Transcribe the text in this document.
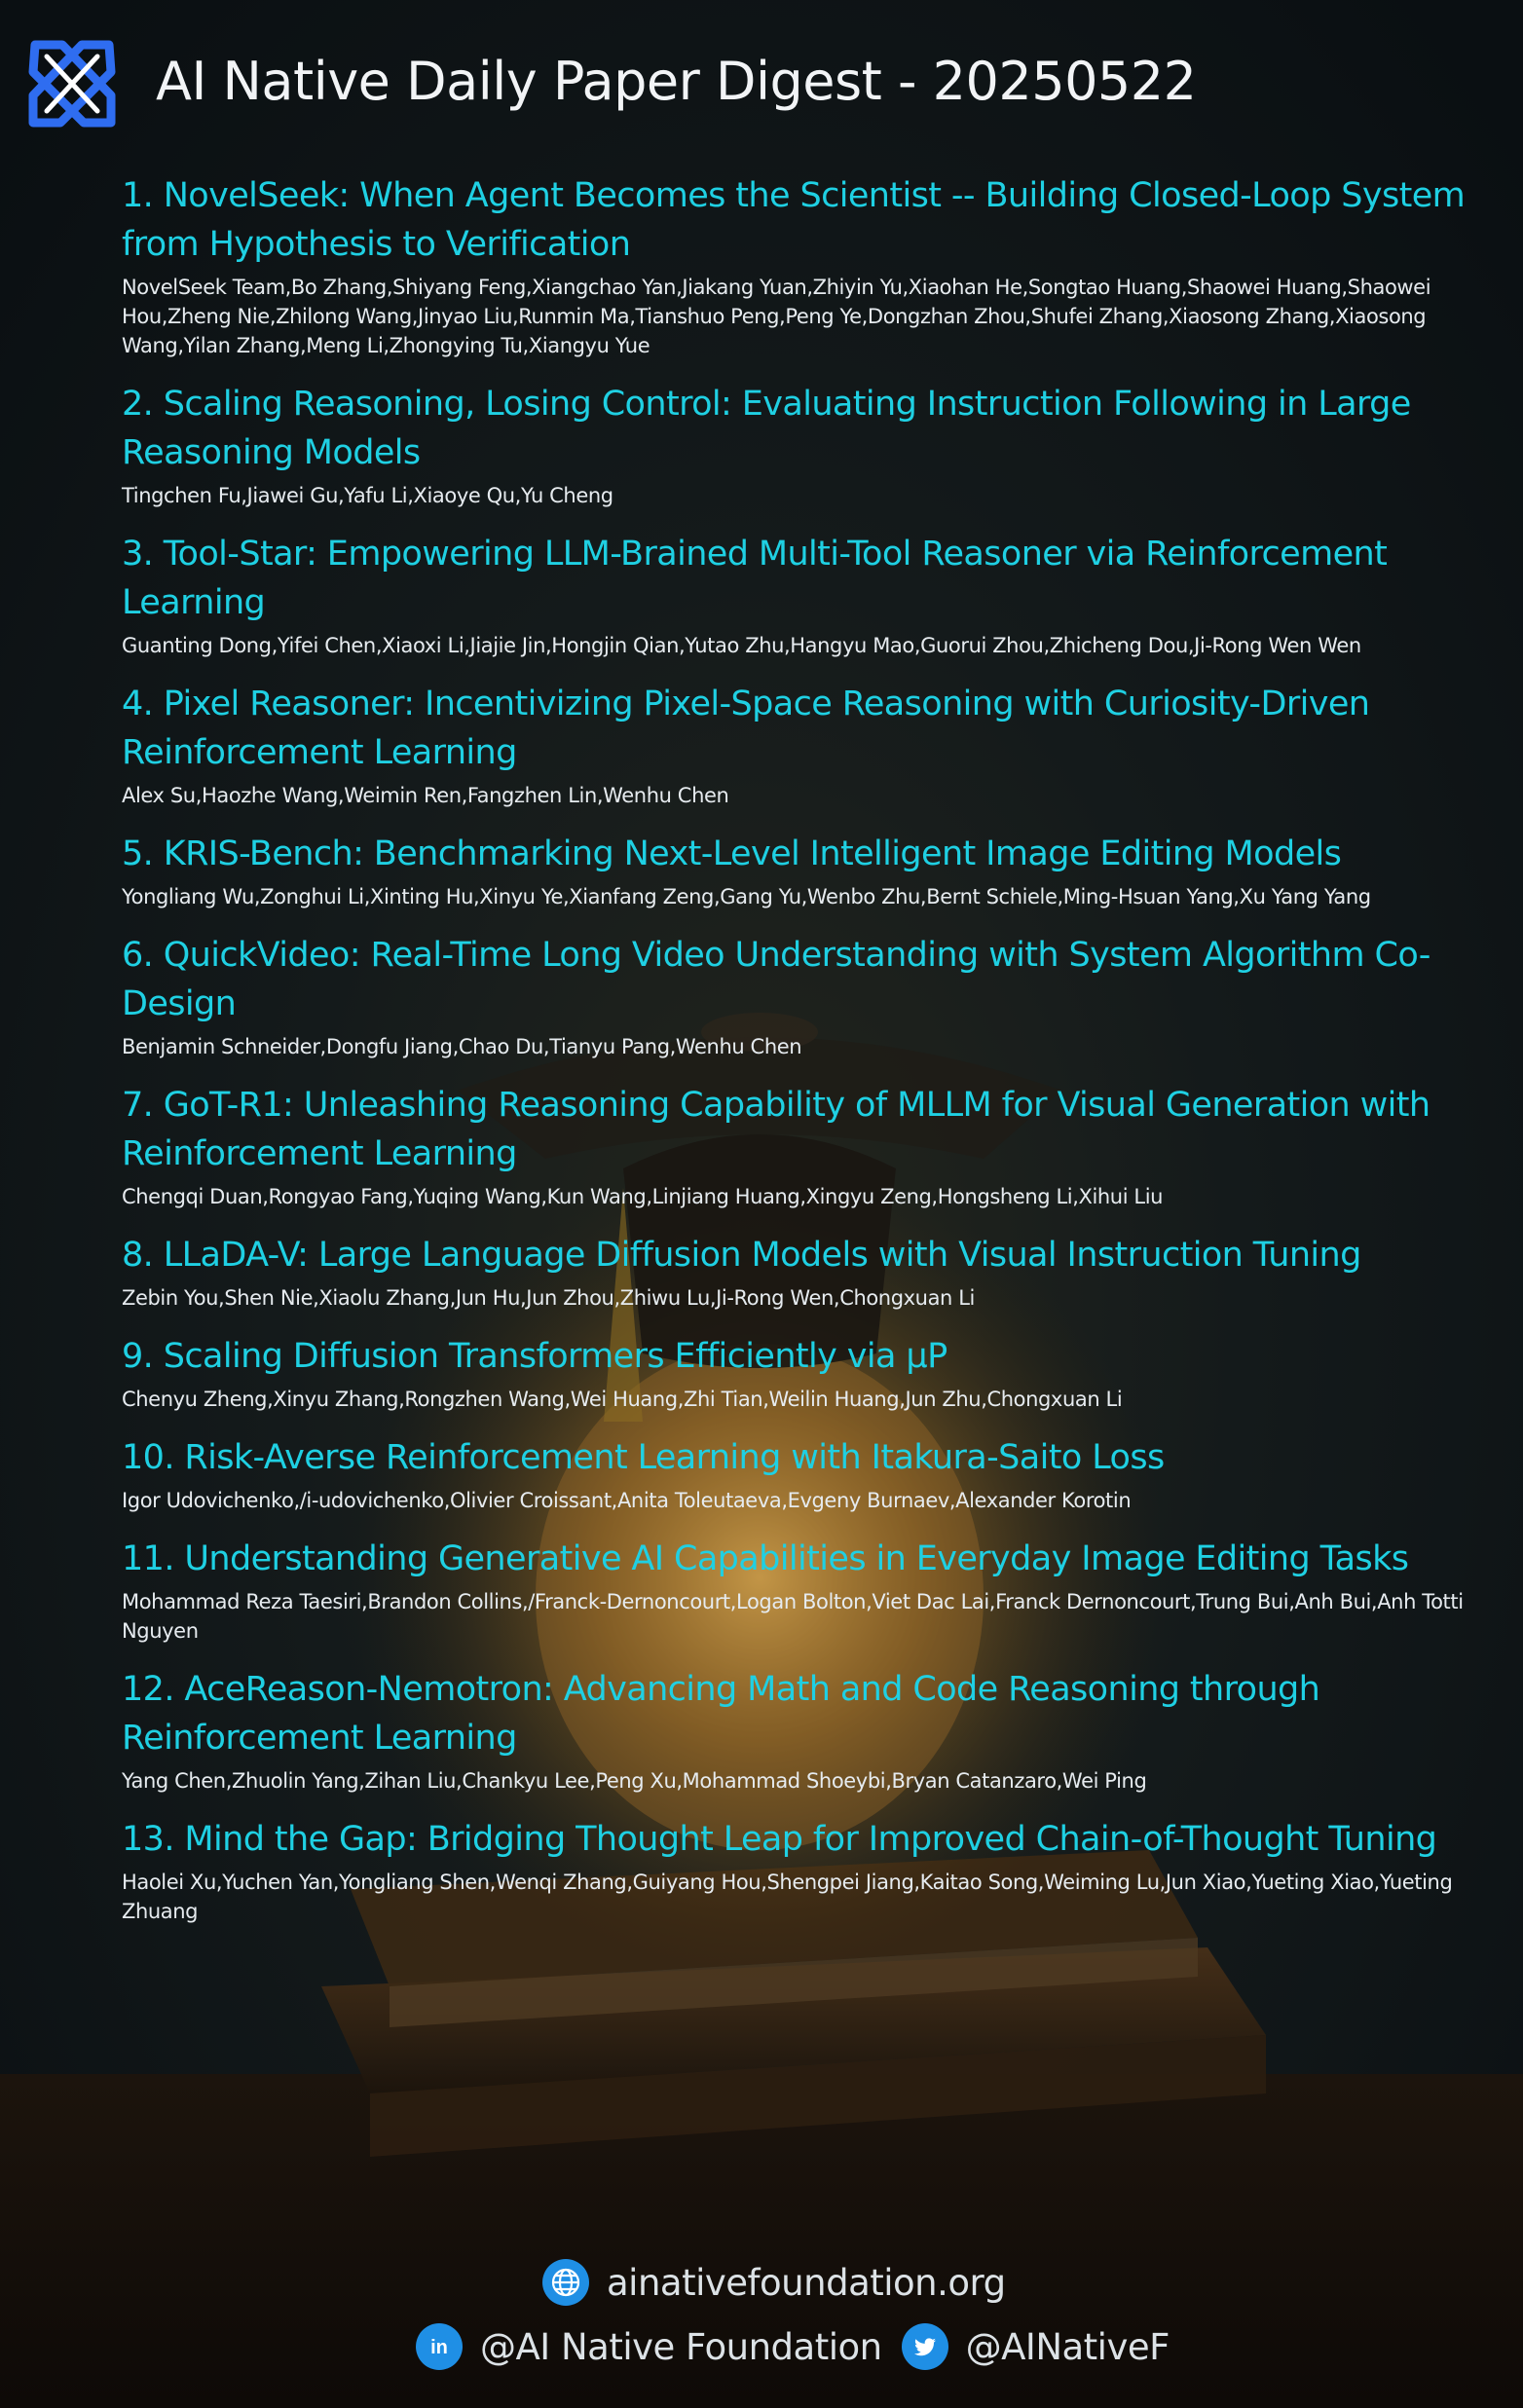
AI Native Daily Paper Digest - 20250522
1. NovelSeek: When Agent Becomes the Scientist -- Building Closed-Loop System from Hypothesis to Verification
NovelSeek Team,Bo Zhang,Shiyang Feng,Xiangchao Yan,Jiakang Yuan,Zhiyin Yu,Xiaohan He,Songtao Huang,Shaowei Huang,Shaowei Hou,Zheng Nie,Zhilong Wang,Jinyao Liu,Runmin Ma,Tianshuo Peng,Peng Ye,Dongzhan Zhou,Shufei Zhang,Xiaosong Zhang,Xiaosong Wang,Yilan Zhang,Meng Li,Zhongying Tu,Xiangyu Yue
2. Scaling Reasoning, Losing Control: Evaluating Instruction Following in Large Reasoning Models
Tingchen Fu,Jiawei Gu,Yafu Li,Xiaoye Qu,Yu Cheng
3. Tool-Star: Empowering LLM-Brained Multi-Tool Reasoner via Reinforcement Learning
Guanting Dong,Yifei Chen,Xiaoxi Li,Jiajie Jin,Hongjin Qian,Yutao Zhu,Hangyu Mao,Guorui Zhou,Zhicheng Dou,Ji-Rong Wen Wen
4. Pixel Reasoner: Incentivizing Pixel-Space Reasoning with Curiosity-Driven Reinforcement Learning
Alex Su,Haozhe Wang,Weimin Ren,Fangzhen Lin,Wenhu Chen
5. KRIS-Bench: Benchmarking Next-Level Intelligent Image Editing Models
Yongliang Wu,Zonghui Li,Xinting Hu,Xinyu Ye,Xianfang Zeng,Gang Yu,Wenbo Zhu,Bernt Schiele,Ming-Hsuan Yang,Xu Yang Yang
6. QuickVideo: Real-Time Long Video Understanding with System Algorithm Co-Design
Benjamin Schneider,Dongfu Jiang,Chao Du,Tianyu Pang,Wenhu Chen
7. GoT-R1: Unleashing Reasoning Capability of MLLM for Visual Generation with Reinforcement Learning
Chengqi Duan,Rongyao Fang,Yuqing Wang,Kun Wang,Linjiang Huang,Xingyu Zeng,Hongsheng Li,Xihui Liu
8. LLaDA-V: Large Language Diffusion Models with Visual Instruction Tuning
Zebin You,Shen Nie,Xiaolu Zhang,Jun Hu,Jun Zhou,Zhiwu Lu,Ji-Rong Wen,Chongxuan Li
9. Scaling Diffusion Transformers Efficiently via μP
Chenyu Zheng,Xinyu Zhang,Rongzhen Wang,Wei Huang,Zhi Tian,Weilin Huang,Jun Zhu,Chongxuan Li
10. Risk-Averse Reinforcement Learning with Itakura-Saito Loss
Igor Udovichenko,/i-udovichenko,Olivier Croissant,Anita Toleutaeva,Evgeny Burnaev,Alexander Korotin
11. Understanding Generative AI Capabilities in Everyday Image Editing Tasks
Mohammad Reza Taesiri,Brandon Collins,/Franck-Dernoncourt,Logan Bolton,Viet Dac Lai,Franck Dernoncourt,Trung Bui,Anh Bui,Anh Totti Nguyen
12. AceReason-Nemotron: Advancing Math and Code Reasoning through Reinforcement Learning
Yang Chen,Zhuolin Yang,Zihan Liu,Chankyu Lee,Peng Xu,Mohammad Shoeybi,Bryan Catanzaro,Wei Ping
13. Mind the Gap: Bridging Thought Leap for Improved Chain-of-Thought Tuning
Haolei Xu,Yuchen Yan,Yongliang Shen,Wenqi Zhang,Guiyang Hou,Shengpei Jiang,Kaitao Song,Weiming Lu,Jun Xiao,Yueting Xiao,Yueting Zhuang
ainativefoundation.org
in @AI Native Foundation @AINativeF
